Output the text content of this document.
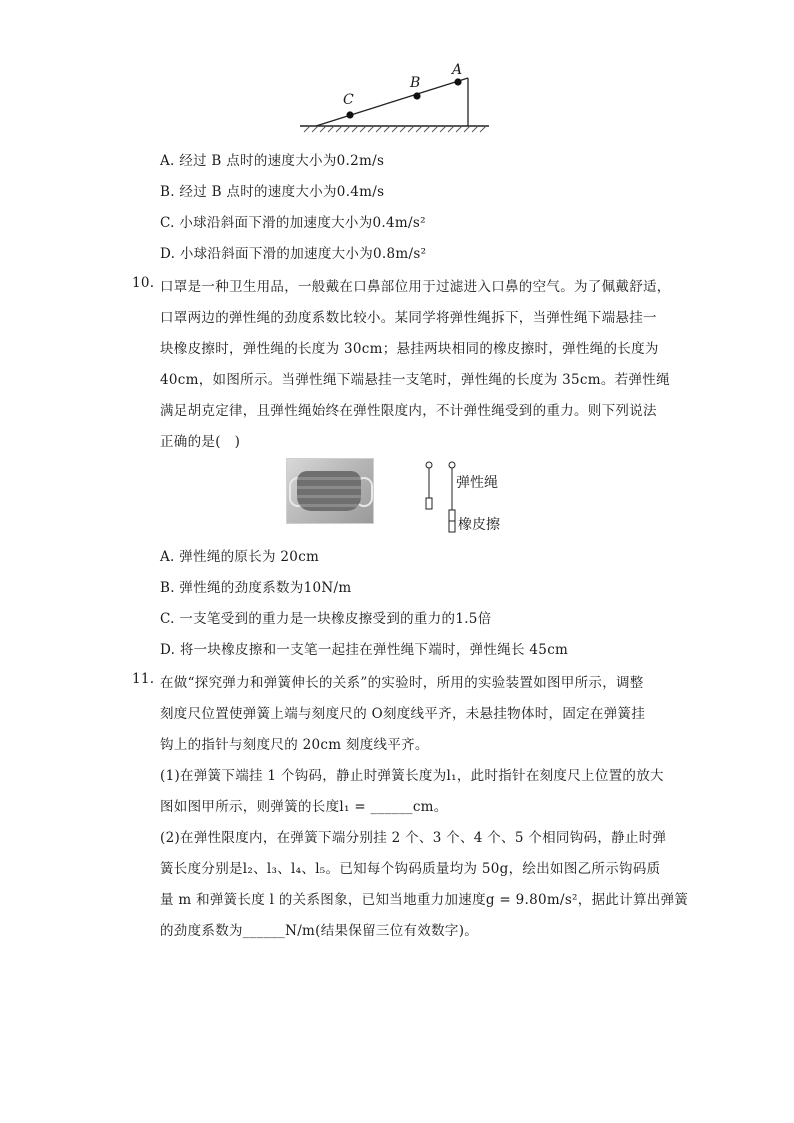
C
B
A
A. 经过 B 点时的速度大小为0.2m/s
B. 经过 B 点时的速度大小为0.4m/s
C. 小球沿斜面下滑的加速度大小为0.4m/s²
D. 小球沿斜面下滑的加速度大小为0.8m/s²
10. 口罩是一种卫生用品，一般戴在口鼻部位用于过滤进入口鼻的空气。为了佩戴舒适，
口罩两边的弹性绳的劲度系数比较小。某同学将弹性绳拆下，当弹性绳下端悬挂一
块橡皮擦时，弹性绳的长度为 30cm；悬挂两块相同的橡皮擦时，弹性绳的长度为
40cm，如图所示。当弹性绳下端悬挂一支笔时，弹性绳的长度为 35cm。若弹性绳
满足胡克定律，且弹性绳始终在弹性限度内，不计弹性绳受到的重力。则下列说法
正确的是(　)
弹性绳
橡皮擦
A. 弹性绳的原长为 20cm
B. 弹性绳的劲度系数为10N/m
C. 一支笔受到的重力是一块橡皮擦受到的重力的1.5倍
D. 将一块橡皮擦和一支笔一起挂在弹性绳下端时，弹性绳长 45cm
11. 在做“探究弹力和弹簧伸长的关系”的实验时，所用的实验装置如图甲所示，调整
刻度尺位置使弹簧上端与刻度尺的 O刻度线平齐，未悬挂物体时，固定在弹簧挂
钩上的指针与刻度尺的 20cm 刻度线平齐。
(1)在弹簧下端挂 1 个钩码，静止时弹簧长度为l₁，此时指针在刻度尺上位置的放大
图如图甲所示，则弹簧的长度l₁ = ______cm。
(2)在弹性限度内，在弹簧下端分别挂 2 个、3 个、4 个、5 个相同钩码，静止时弹
簧长度分别是l₂、l₃、l₄、l₅。已知每个钩码质量均为 50g，绘出如图乙所示钩码质
量 m 和弹簧长度 l 的关系图象，已知当地重力加速度g = 9.80m/s²，据此计算出弹簧
的劲度系数为______N/m(结果保留三位有效数字)。
